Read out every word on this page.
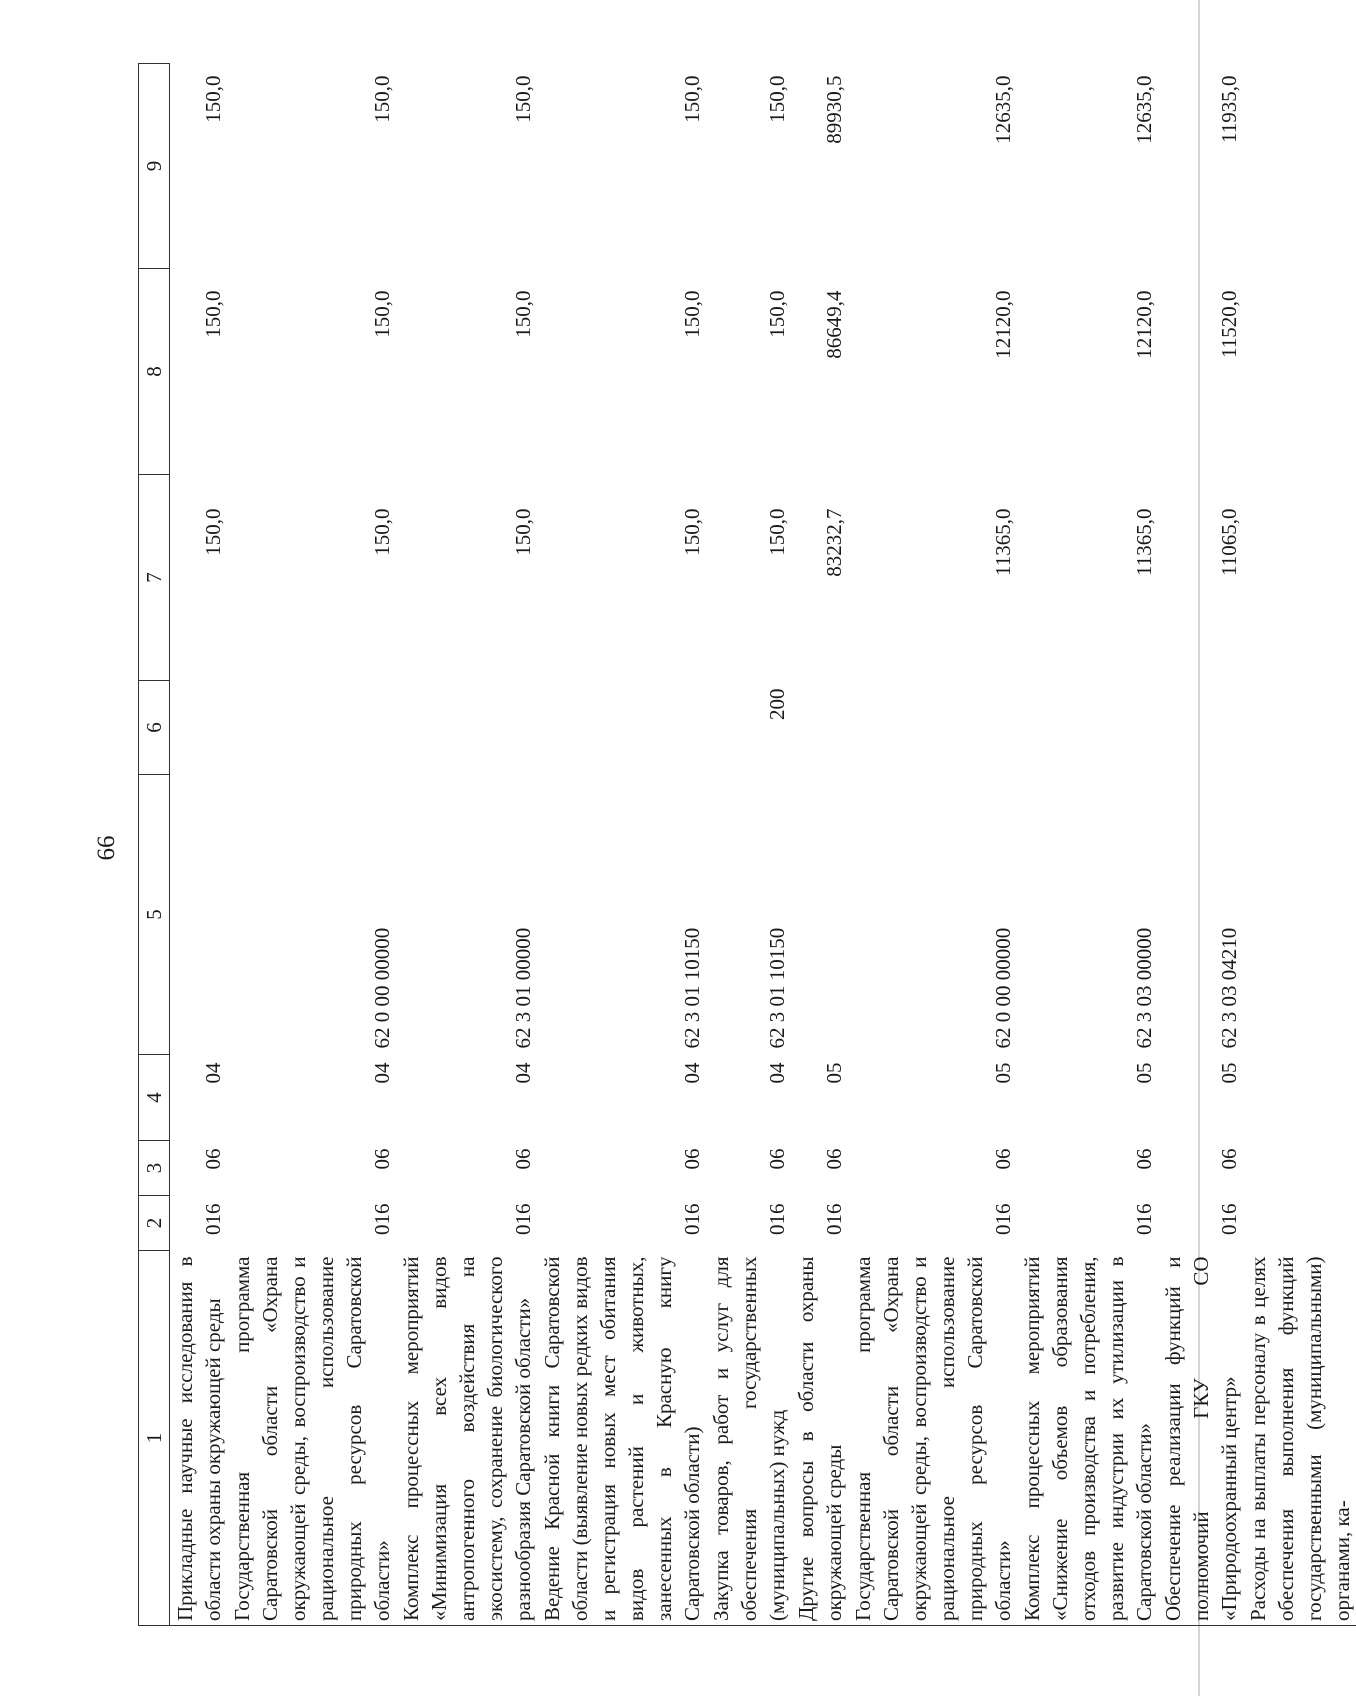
66
1	2	3	4	5	6	7	8	9
Прикладные научные исследования в области охраны окружающей среды	016	06	04			150,0	150,0	150,0
Государственная программа Саратовской области «Охрана окружающей среды, воспроизводство и рациональное использование природных ресурсов Саратовской области»	016	06	04	62 0 00 00000		150,0	150,0	150,0
Комплекс процессных мероприятий «Минимизация всех видов антропогенного воздействия на экосистему, сохранение биологического разнообразия Саратовской области»	016	06	04	62 3 01 00000		150,0	150,0	150,0
Ведение Красной книги Саратовской области (выявление новых редких видов и регистрация новых мест обитания видов растений и животных, занесенных в Красную книгу Саратовской области)	016	06	04	62 3 01 10150		150,0	150,0	150,0
Закупка товаров, работ и услуг для обеспечения государственных (муниципальных) нужд	016	06	04	62 3 01 10150	200	150,0	150,0	150,0
Другие вопросы в области охраны окружающей среды	016	06	05			83232,7	86649,4	89930,5
Государственная программа Саратовской области «Охрана окружающей среды, воспроизводство и рациональное использование природных ресурсов Саратовской области»	016	06	05	62 0 00 00000		11365,0	12120,0	12635,0
Комплекс процессных мероприятий «Снижение объемов образования отходов производства и потребления, развитие индустрии их утилизации в Саратовской области»	016	06	05	62 3 03 00000		11365,0	12120,0	12635,0
Обеспечение реализации функций и полномочий ГКУ СО «Природоохранный центр»	016	06	05	62 3 03 04210		11065,0	11520,0	11935,0
Расходы на выплаты персоналу в целях обеспечения выполнения функций государственными (муниципальными) органами, ка-								
